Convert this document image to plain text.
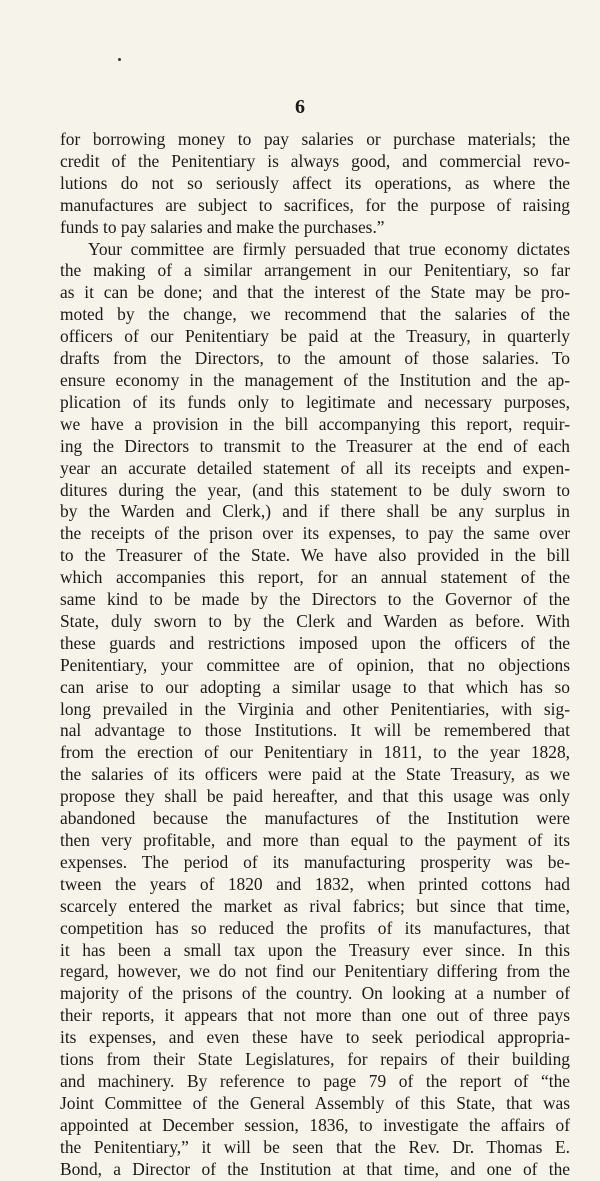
6
for borrowing money to pay salaries or purchase materials; the
credit of the Penitentiary is always good, and commercial revo-
lutions do not so seriously affect its operations, as where the
manufactures are subject to sacrifices, for the purpose of raising
funds to pay salaries and make the purchases.”
Your committee are firmly persuaded that true economy dictates
the making of a similar arrangement in our Penitentiary, so far
as it can be done; and that the interest of the State may be pro-
moted by the change, we recommend that the salaries of the
officers of our Penitentiary be paid at the Treasury, in quarterly
drafts from the Directors, to the amount of those salaries. To
ensure economy in the management of the Institution and the ap-
plication of its funds only to legitimate and necessary purposes,
we have a provision in the bill accompanying this report, requir-
ing the Directors to transmit to the Treasurer at the end of each
year an accurate detailed statement of all its receipts and expen-
ditures during the year, (and this statement to be duly sworn to
by the Warden and Clerk,) and if there shall be any surplus in
the receipts of the prison over its expenses, to pay the same over
to the Treasurer of the State. We have also provided in the bill
which accompanies this report, for an annual statement of the
same kind to be made by the Directors to the Governor of the
State, duly sworn to by the Clerk and Warden as before. With
these guards and restrictions imposed upon the officers of the
Penitentiary, your committee are of opinion, that no objections
can arise to our adopting a similar usage to that which has so
long prevailed in the Virginia and other Penitentiaries, with sig-
nal advantage to those Institutions. It will be remembered that
from the erection of our Penitentiary in 1811, to the year 1828,
the salaries of its officers were paid at the State Treasury, as we
propose they shall be paid hereafter, and that this usage was only
abandoned because the manufactures of the Institution were
then very profitable, and more than equal to the payment of its
expenses. The period of its manufacturing prosperity was be-
tween the years of 1820 and 1832, when printed cottons had
scarcely entered the market as rival fabrics; but since that time,
competition has so reduced the profits of its manufactures, that
it has been a small tax upon the Treasury ever since. In this
regard, however, we do not find our Penitentiary differing from the
majority of the prisons of the country. On looking at a number of
their reports, it appears that not more than one out of three pays
its expenses, and even these have to seek periodical appropria-
tions from their State Legislatures, for repairs of their building
and machinery. By reference to page 79 of the report of “the
Joint Committee of the General Assembly of this State, that was
appointed at December session, 1836, to investigate the affairs of
the Penitentiary,” it will be seen that the Rev. Dr. Thomas E.
Bond, a Director of the Institution at that time, and one of the
